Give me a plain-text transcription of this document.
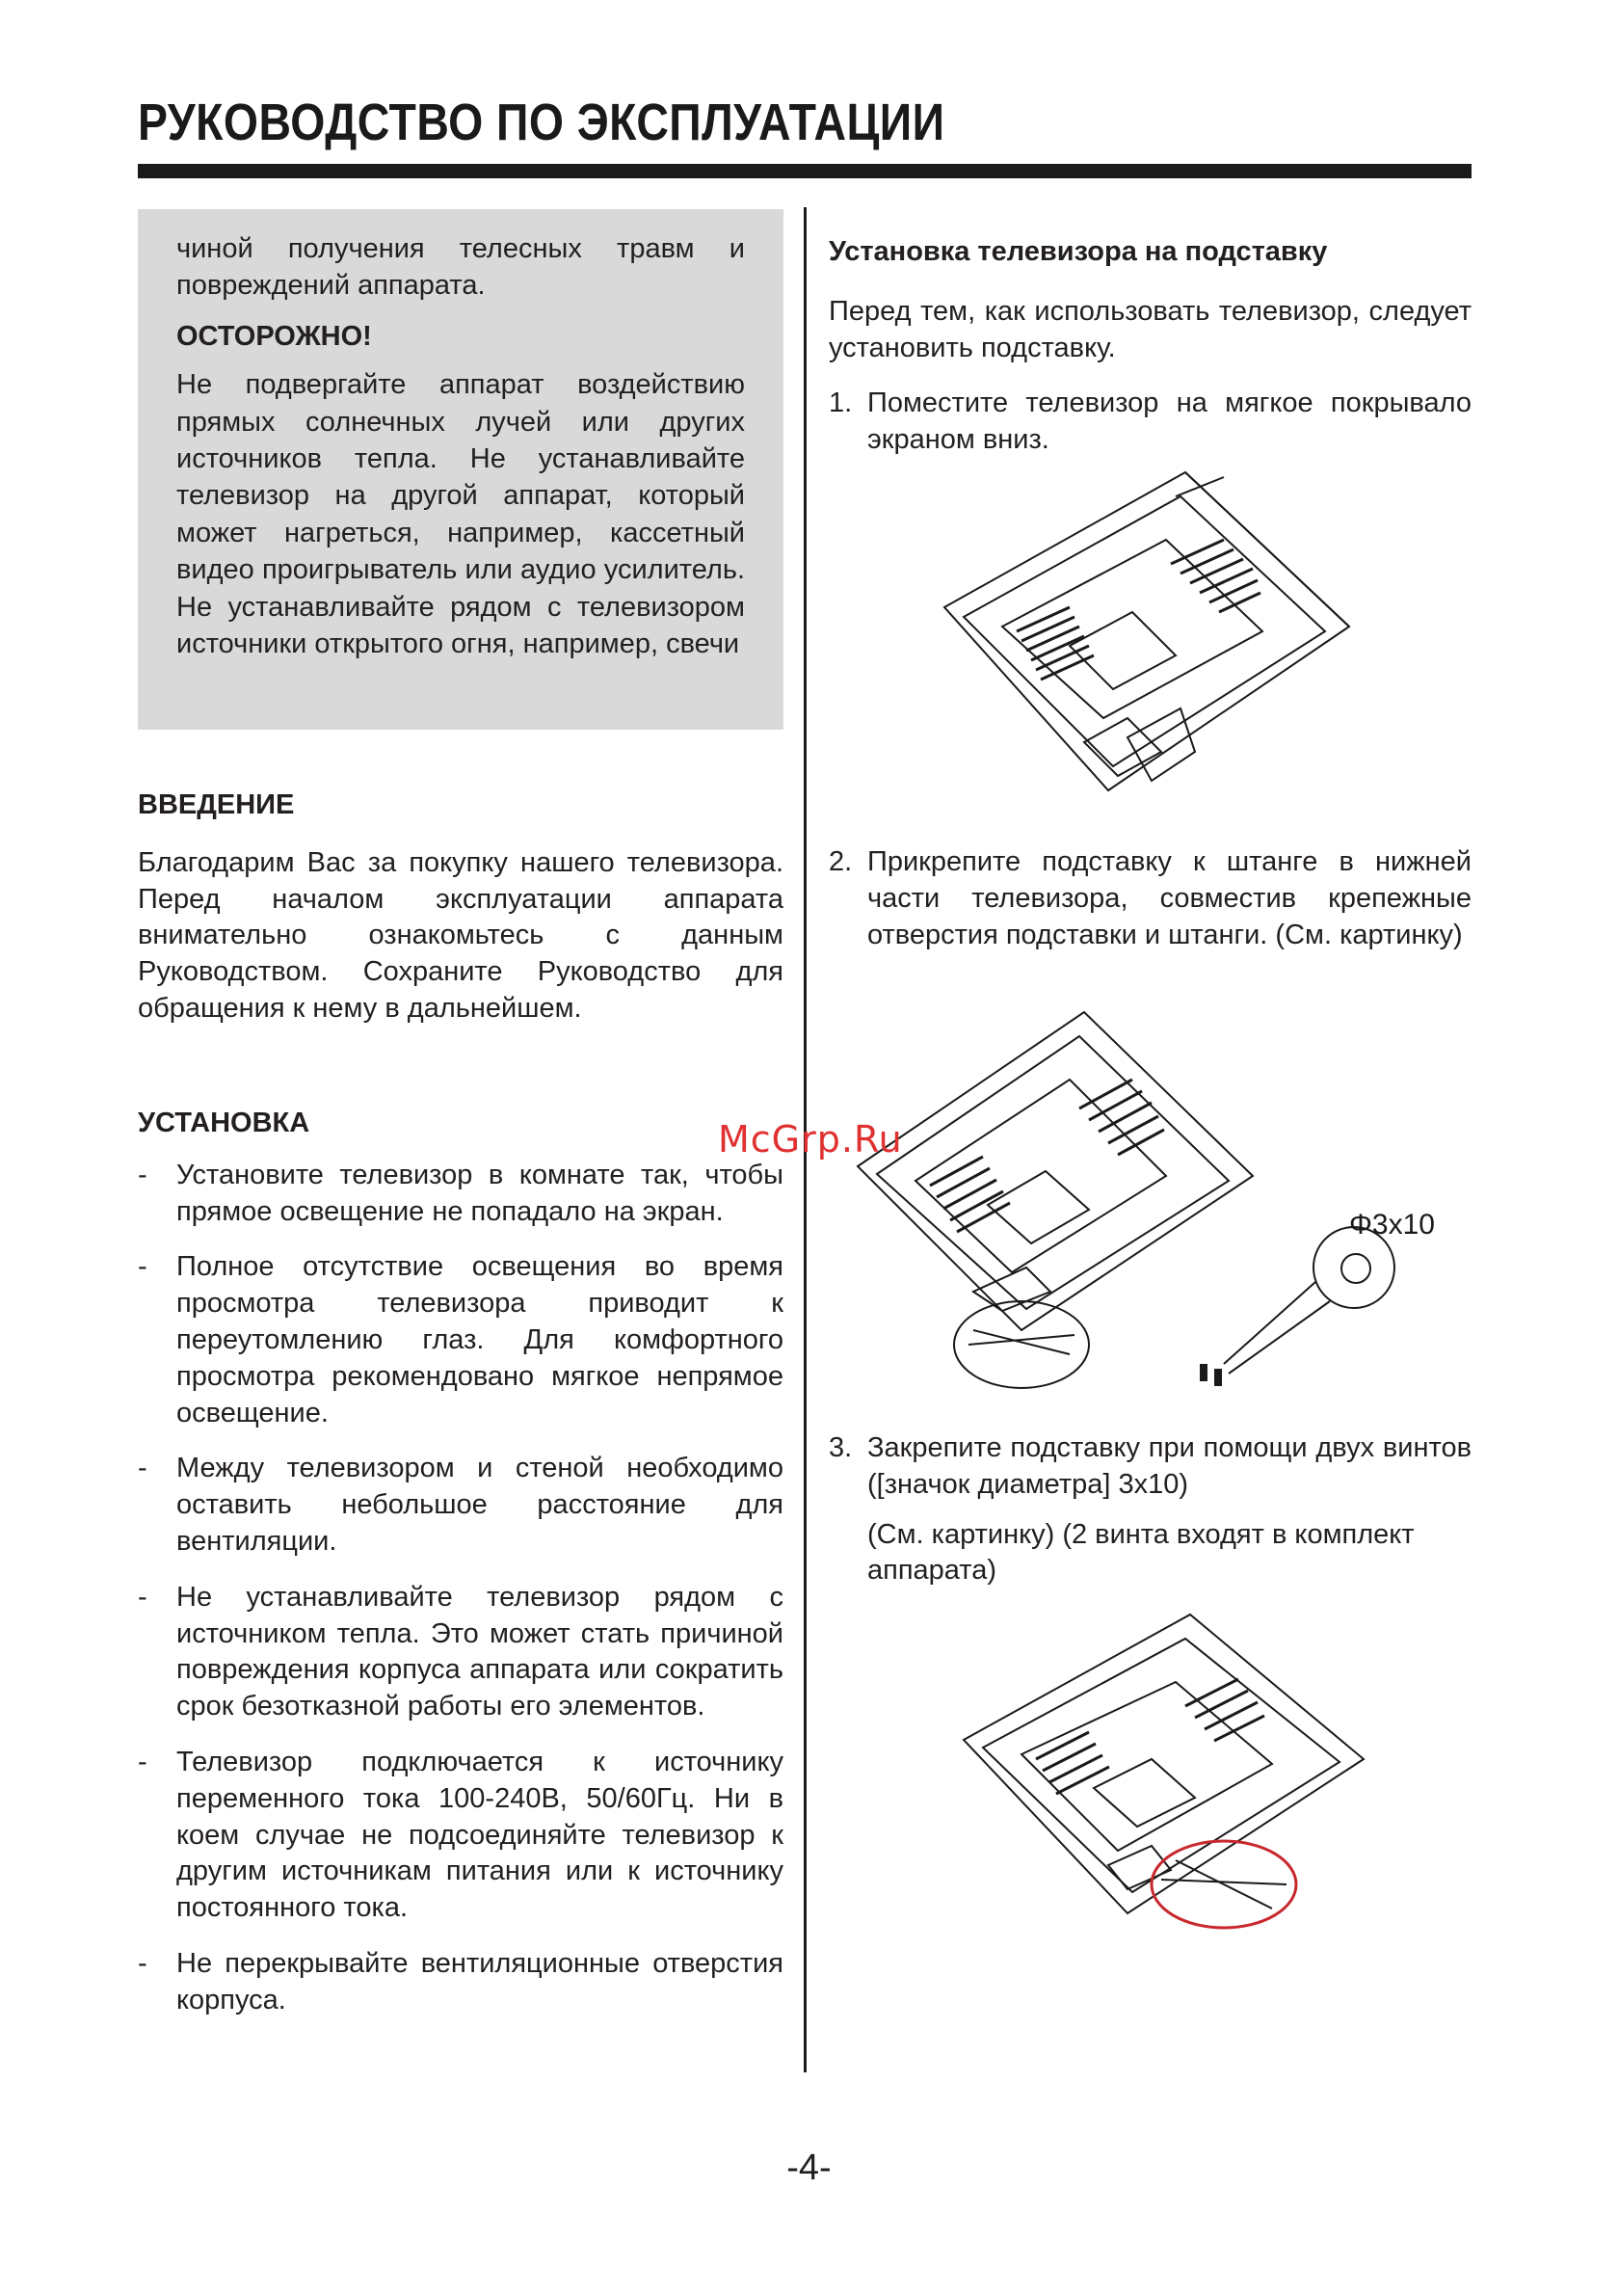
РУКОВОДСТВО ПО ЭКСПЛУАТАЦИИ

чиной получения телесных травм и повреждений аппарата.

ОСТОРОЖНО!

Не подвергайте аппарат воздействию прямых солнечных лучей или других источников тепла. Не устанавливайте телевизор на другой аппарат, который может нагреться, например, кассетный видео проигрыватель или аудио усилитель. Не устанавливайте рядом с телевизором источники открытого огня, например, свечи

ВВЕДЕНИЕ

Благодарим Вас за покупку нашего телевизора. Перед началом эксплуатации аппарата внимательно ознакомьтесь с данным Руководством. Сохраните Руководство для обращения к нему в дальнейшем.

УСТАНОВКА

- Установите телевизор в комнате так, чтобы прямое освещение не попадало на экран.
- Полное отсутствие освещения во время просмотра телевизора приводит к переутомлению глаз. Для комфортного просмотра рекомендовано мягкое непрямое освещение.
- Между телевизором и стеной необходимо оставить небольшое расстояние для вентиляции.
- Не устанавливайте телевизор рядом с источником тепла. Это может стать причиной повреждения корпуса аппарата или сократить срок безотказной работы его элементов.
- Телевизор подключается к источнику переменного тока 100-240В, 50/60Гц. Ни в коем случае не подсоединяйте телевизор к другим источникам питания или к источнику постоянного тока.
- Не перекрывайте вентиляционные отверстия корпуса.

Установка телевизора на подставку

Перед тем, как использовать телевизор, следует установить подставку.

1. Поместите телевизор на мягкое покрывало экраном вниз.

2. Прикрепите подставку к штанге в нижней части телевизора, совместив крепежные отверстия подставки и штанги. (См. картинку)

3. Закрепите подставку при помощи двух винтов ([значок диаметра] 3х10)

(См. картинку) (2 винта входят в комплект аппарата)

Φ3x10
McGrp.Ru
-4-
